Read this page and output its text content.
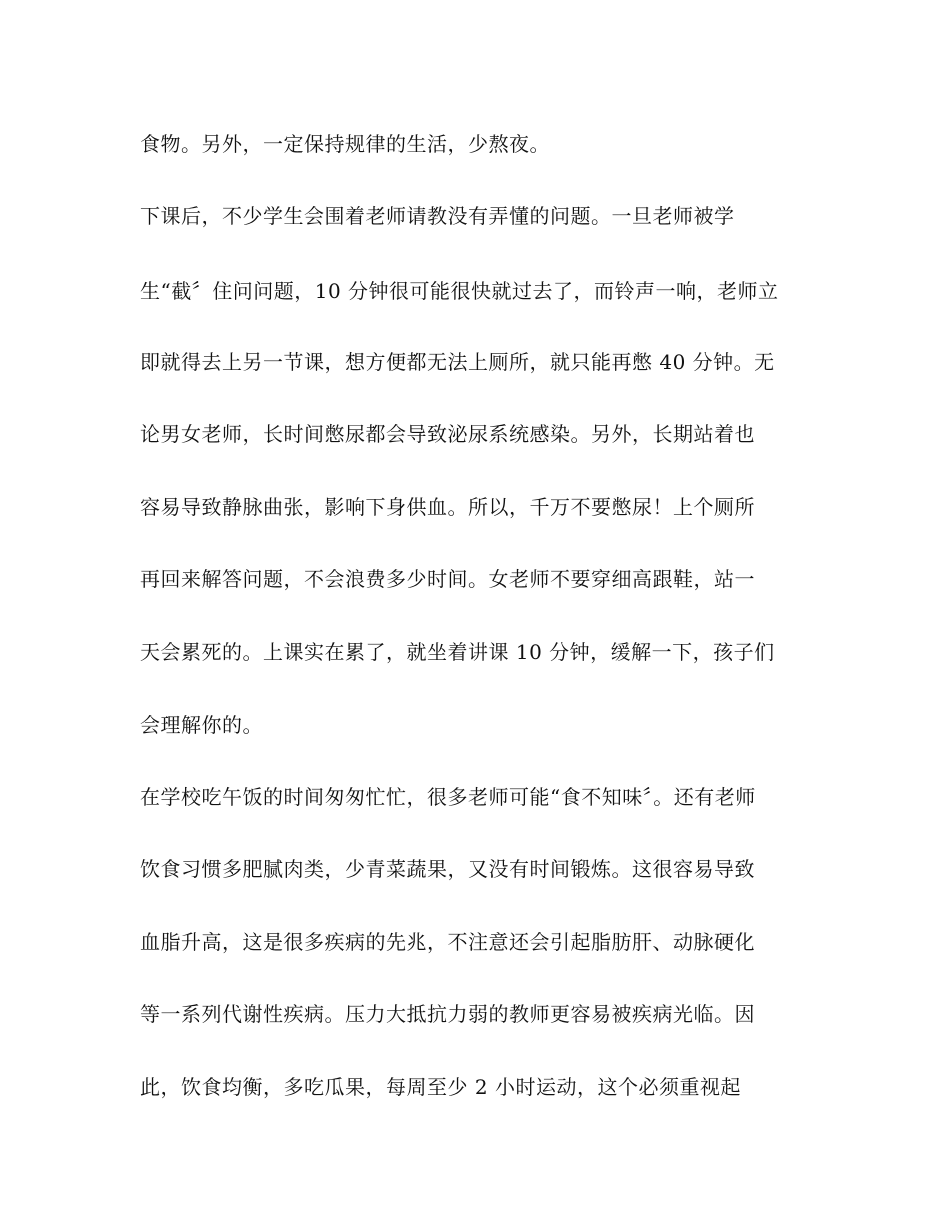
食物。另外，一定保持规律的生活，少熬夜。
下课后，不少学生会围着老师请教没有弄懂的问题。一旦老师被学
生“截〞住问问题，10 分钟很可能很快就过去了，而铃声一响，老师立
即就得去上另一节课，想方便都无法上厕所，就只能再憋 40 分钟。无
论男女老师，长时间憋尿都会导致泌尿系统感染。另外，长期站着也
容易导致静脉曲张，影响下身供血。所以，千万不要憋尿！上个厕所
再回来解答问题，不会浪费多少时间。女老师不要穿细高跟鞋，站一
天会累死的。上课实在累了，就坐着讲课 10 分钟，缓解一下，孩子们
会理解你的。
在学校吃午饭的时间匆匆忙忙，很多老师可能“食不知味〞。还有老师
饮食习惯多肥腻肉类，少青菜蔬果，又没有时间锻炼。这很容易导致
血脂升高，这是很多疾病的先兆，不注意还会引起脂肪肝、动脉硬化
等一系列代谢性疾病。压力大抵抗力弱的教师更容易被疾病光临。因
此，饮食均衡，多吃瓜果，每周至少 2 小时运动，这个必须重视起
